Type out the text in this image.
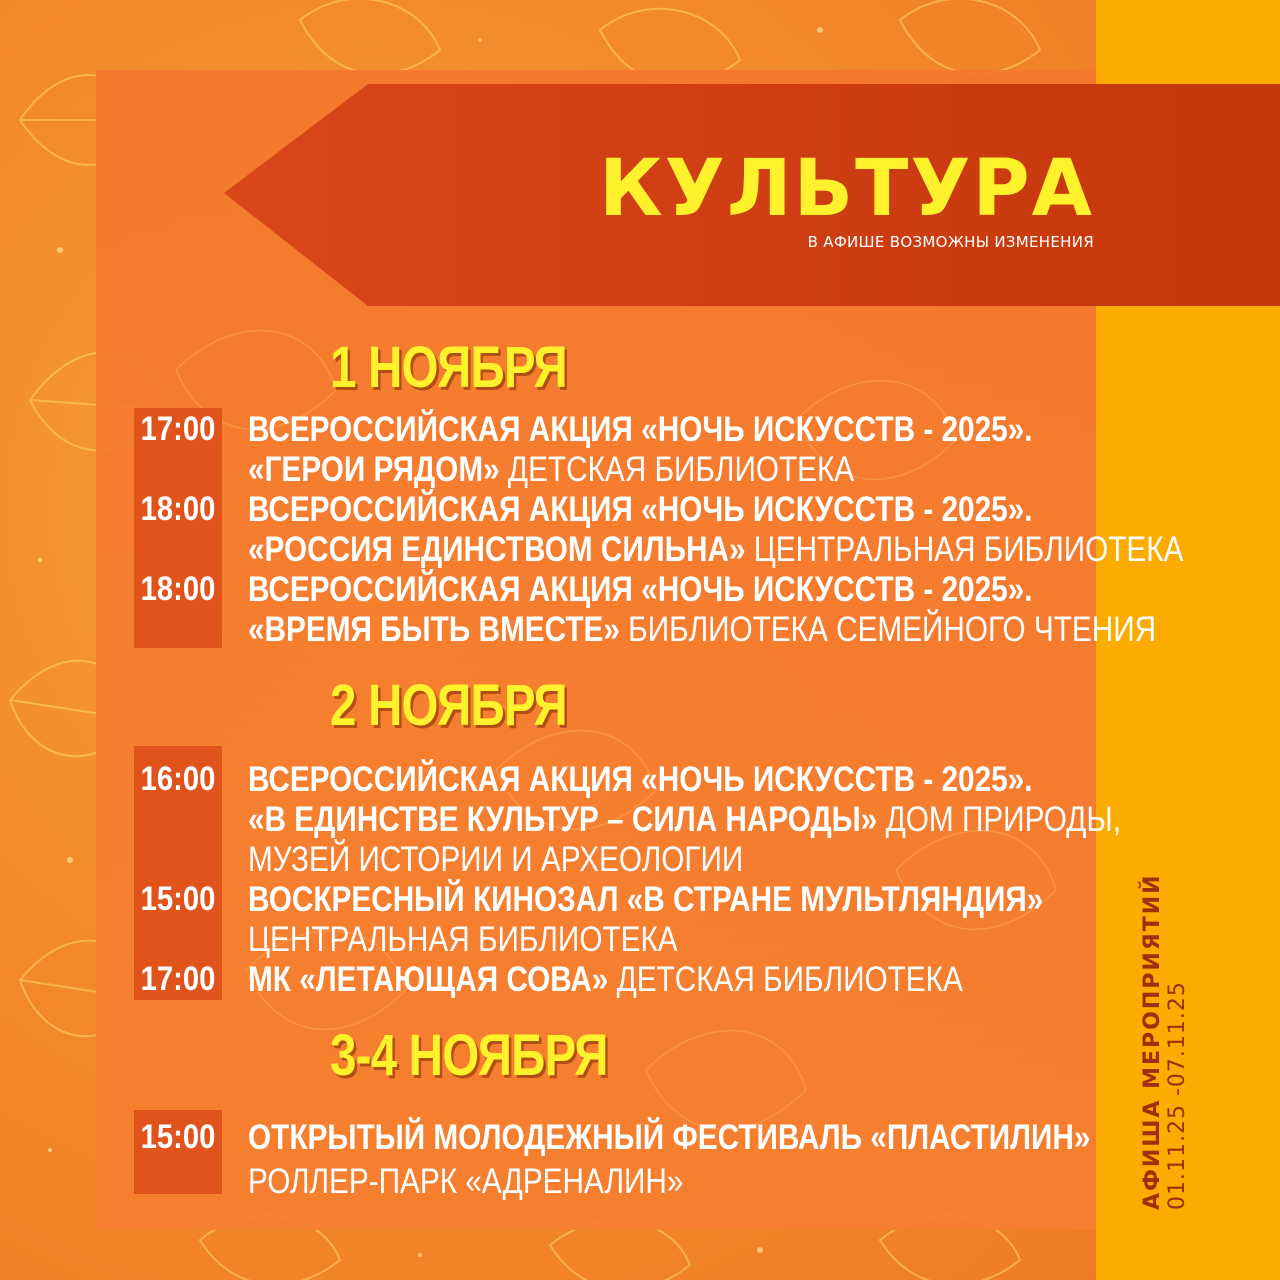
КУЛЬТУРА
В АФИШЕ ВОЗМОЖНЫ ИЗМЕНЕНИЯ
1 НОЯБРЯ
17:00 ВСЕРОССИЙСКАЯ АКЦИЯ «НОЧЬ ИСКУССТВ - 2025».
«ГЕРОИ РЯДОМ» ДЕТСКАЯ БИБЛИОТЕКА
18:00 ВСЕРОССИЙСКАЯ АКЦИЯ «НОЧЬ ИСКУССТВ - 2025».
«РОССИЯ ЕДИНСТВОМ СИЛЬНА» ЦЕНТРАЛЬНАЯ БИБЛИОТЕКА
18:00 ВСЕРОССИЙСКАЯ АКЦИЯ «НОЧЬ ИСКУССТВ - 2025».
«ВРЕМЯ БЫТЬ ВМЕСТЕ» БИБЛИОТЕКА СЕМЕЙНОГО ЧТЕНИЯ
2 НОЯБРЯ
16:00 ВСЕРОССИЙСКАЯ АКЦИЯ «НОЧЬ ИСКУССТВ - 2025».
«В ЕДИНСТВЕ КУЛЬТУР – СИЛА НАРОДЫ» ДОМ ПРИРОДЫ,
МУЗЕЙ ИСТОРИИ И АРХЕОЛОГИИ
15:00 ВОСКРЕСНЫЙ КИНОЗАЛ «В СТРАНЕ МУЛЬТЛЯНДИЯ»
ЦЕНТРАЛЬНАЯ БИБЛИОТЕКА
17:00 МК «ЛЕТАЮЩАЯ СОВА» ДЕТСКАЯ БИБЛИОТЕКА
3-4 НОЯБРЯ
15:00 ОТКРЫТЫЙ МОЛОДЕЖНЫЙ ФЕСТИВАЛЬ «ПЛАСТИЛИН»
РОЛЛЕР-ПАРК «АДРЕНАЛИН»	АФИША МЕРОПРИЯТИЙ 01.11.25 -07.11.25
